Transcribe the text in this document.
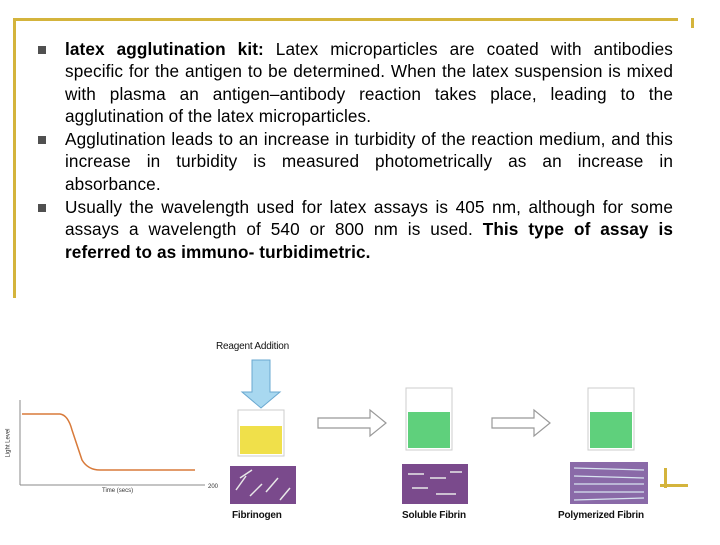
latex agglutination kit: Latex microparticles are coated with antibodies specific for the antigen to be determined. When the latex suspension is mixed with plasma an antigen–antibody reaction takes place, leading to the agglutination of the latex microparticles.
Agglutination leads to an increase in turbidity of the reaction medium, and this increase in turbidity is measured photometrically as an increase in absorbance.
Usually the wavelength used for latex assays is 405 nm, although for some assays a wavelength of 540 or 800 nm is used. This type of assay is referred to as immuno- turbidimetric.
Reagent Addition
Light Level
Time (secs)
200
Fibrinogen	Soluble Fibrin	Polymerized Fibrin
